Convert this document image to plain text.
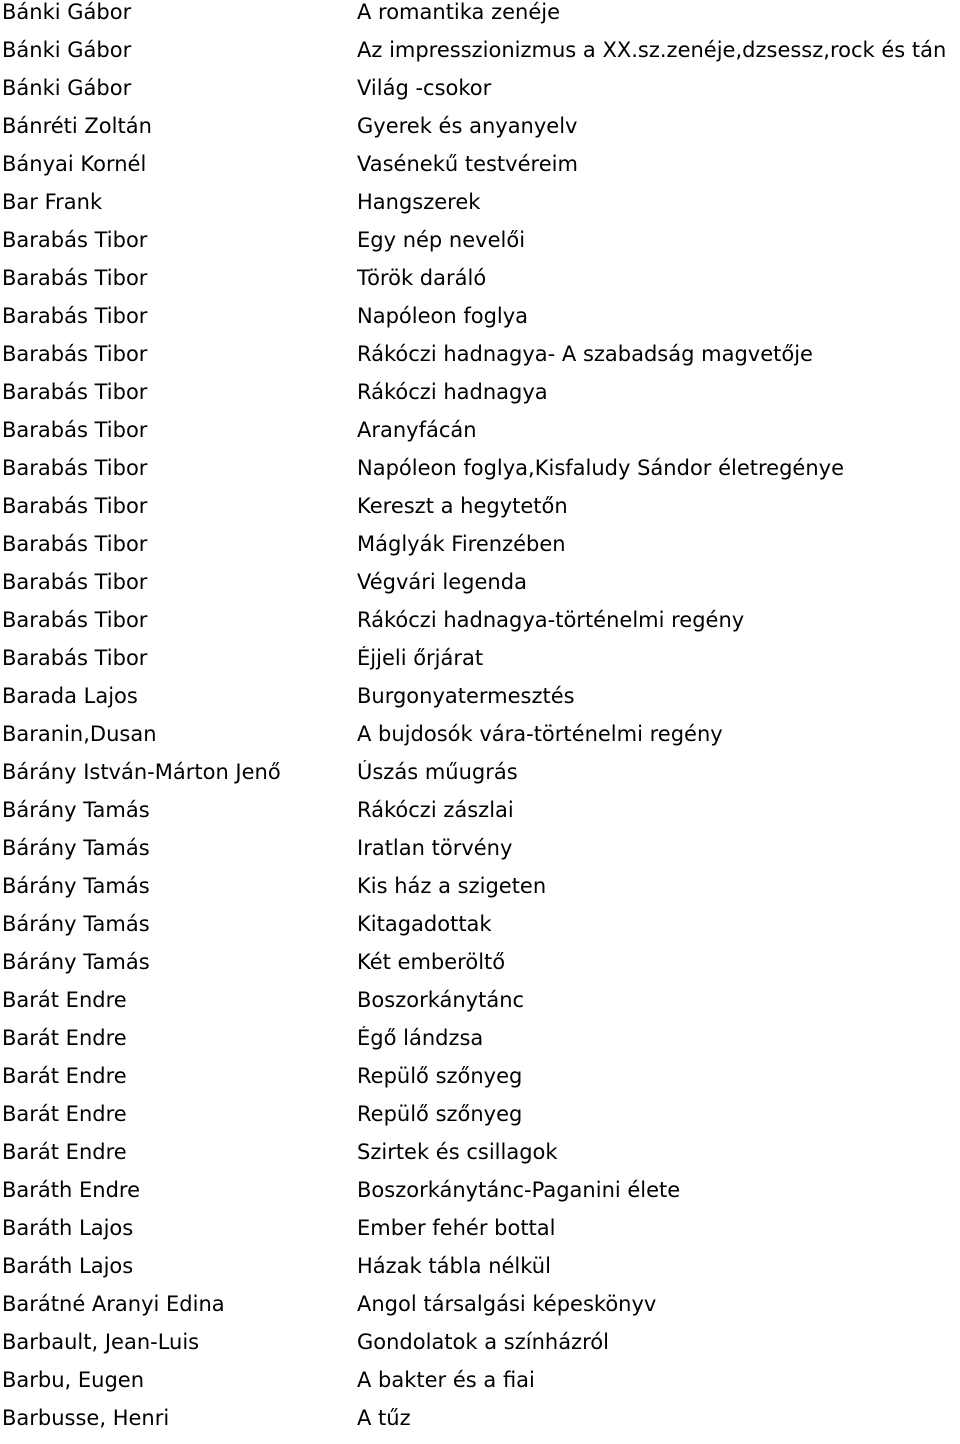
Bánki Gábor	A romantika zenéje
Bánki Gábor	Az impresszionizmus a XX.sz.zenéje,dzsessz,rock és tán
Bánki Gábor	Világ -csokor
Bánréti Zoltán	Gyerek és anyanyelv
Bányai Kornél	Vasénekű testvéreim
Bar Frank	Hangszerek
Barabás Tibor	Egy nép nevelői
Barabás Tibor	Török daráló
Barabás Tibor	Napóleon foglya
Barabás Tibor	Rákóczi hadnagya- A szabadság magvetője
Barabás Tibor	Rákóczi hadnagya
Barabás Tibor	Aranyfácán
Barabás Tibor	Napóleon foglya,Kisfaludy Sándor életregénye
Barabás Tibor	Kereszt a hegytetőn
Barabás Tibor	Máglyák Firenzében
Barabás Tibor	Végvári legenda
Barabás Tibor	Rákóczi hadnagya-történelmi regény
Barabás Tibor	Éjjeli őrjárat
Barada Lajos	Burgonyatermesztés
Baranin,Dusan	A bujdosók vára-történelmi regény
Bárány István-Márton Jenő	Úszás műugrás
Bárány Tamás	Rákóczi zászlai
Bárány Tamás	Iratlan törvény
Bárány Tamás	Kis ház a szigeten
Bárány Tamás	Kitagadottak
Bárány Tamás	Két emberöltő
Barát Endre	Boszorkánytánc
Barát Endre	Égő lándzsa
Barát Endre	Repülő szőnyeg
Barát Endre	Repülő szőnyeg
Barát Endre	Szirtek és csillagok
Baráth Endre	Boszorkánytánc-Paganini élete
Baráth Lajos	Ember fehér bottal
Baráth Lajos	Házak tábla nélkül
Barátné Aranyi Edina	Angol társalgási képeskönyv
Barbault, Jean-Luis	Gondolatok a színházról
Barbu, Eugen	A bakter és a fiai
Barbusse, Henri	A tűz
